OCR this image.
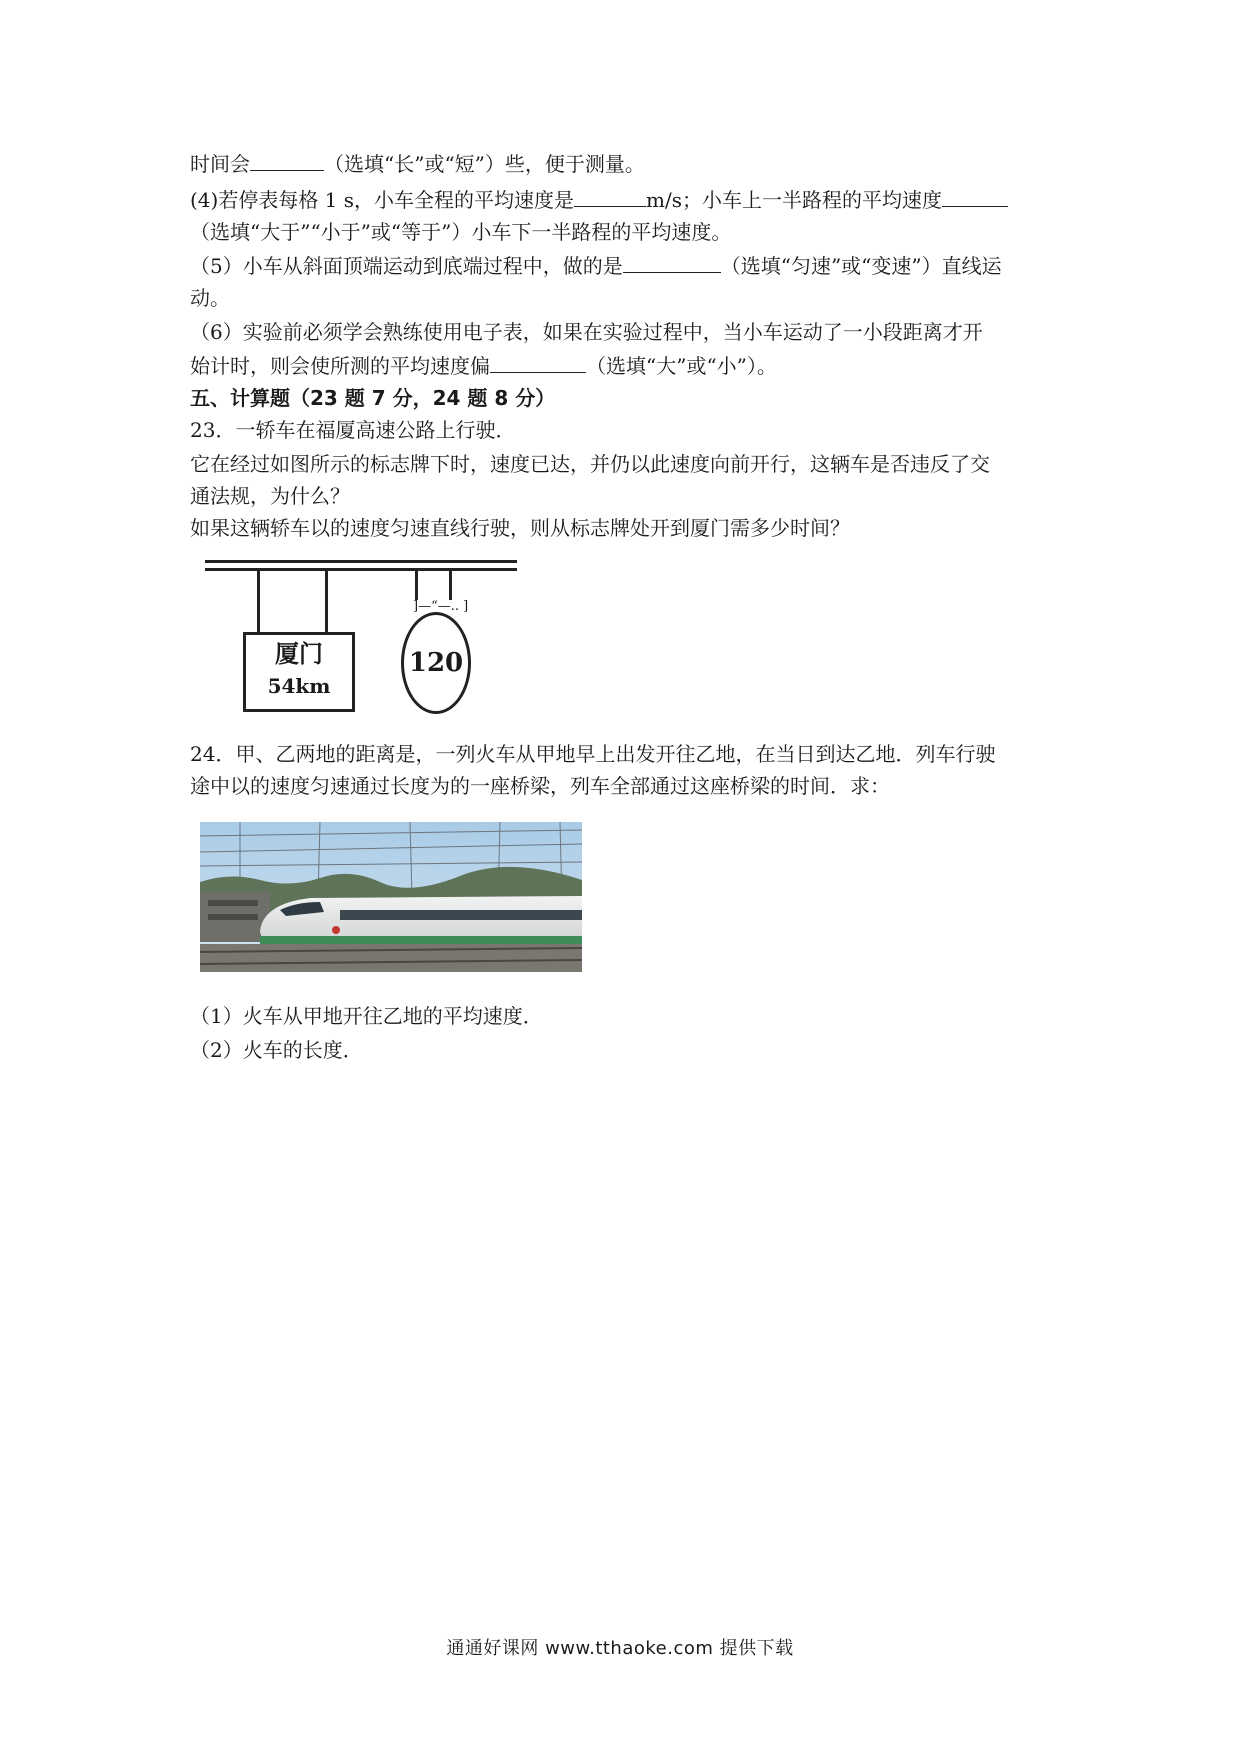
时间会	（选填“长”或“短”）些，便于测量。
(4)若停表每格 1 s，小车全程的平均速度是	m/s；小车上一半路程的平均速度
（选填“大于”“小于”或“等于”）小车下一半路程的平均速度。
（5）小车从斜面顶端运动到底端过程中，做的是	（选填“匀速”或“变速”）直线运
动。
（6）实验前必须学会熟练使用电子表，如果在实验过程中，当小车运动了一小段距离才开
始计时，则会使所测的平均速度偏	（选填“大”或“小”）。
五、计算题（23 题 7 分，24 题 8 分）
23．一轿车在福厦高速公路上行驶．
它在经过如图所示的标志牌下时，速度已达，并仍以此速度向前开行，这辆车是否违反了交
通法规，为什么？
如果这辆轿车以的速度匀速直线行驶，则从标志牌处开到厦门需多少时间？
]—“—.. ]
厦门
54km
120
24．甲、乙两地的距离是，一列火车从甲地早上出发开往乙地，在当日到达乙地．列车行驶
途中以的速度匀速通过长度为的一座桥梁，列车全部通过这座桥梁的时间．求：
（1）火车从甲地开往乙地的平均速度．
（2）火车的长度．
通通好课网 www.tthaoke.com 提供下载
